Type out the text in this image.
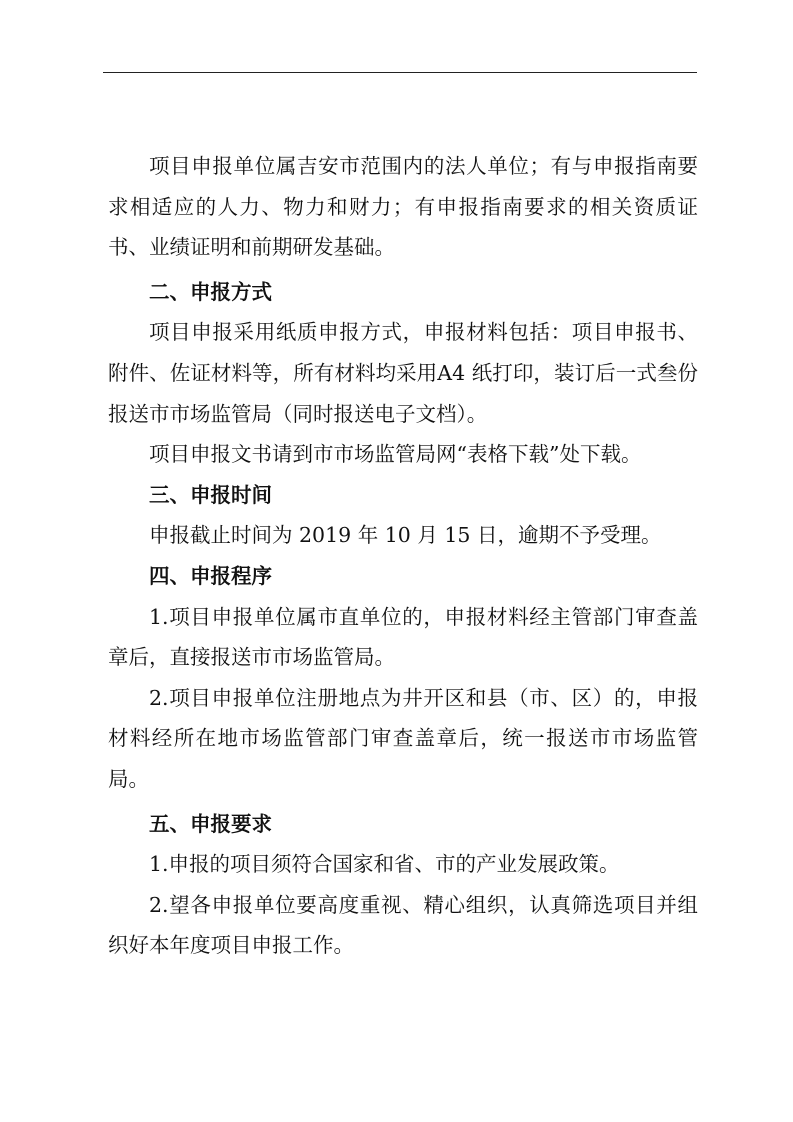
项目申报单位属吉安市范围内的法人单位；有与申报指南要求相适应的人力、物力和财力；有申报指南要求的相关资质证书、业绩证明和前期研发基础。

二、申报方式

项目申报采用纸质申报方式，申报材料包括：项目申报书、附件、佐证材料等，所有材料均采用A4 纸打印，装订后一式叁份报送市市场监管局（同时报送电子文档）。

项目申报文书请到市市场监管局网“表格下载”处下载。

三、申报时间

申报截止时间为 2019 年 10 月 15 日，逾期不予受理。

四、申报程序

1.项目申报单位属市直单位的，申报材料经主管部门审查盖章后，直接报送市市场监管局。

2.项目申报单位注册地点为井开区和县（市、区）的，申报材料经所在地市场监管部门审查盖章后，统一报送市市场监管局。

五、申报要求

1.申报的项目须符合国家和省、市的产业发展政策。

2.望各申报单位要高度重视、精心组织，认真筛选项目并组织好本年度项目申报工作。
